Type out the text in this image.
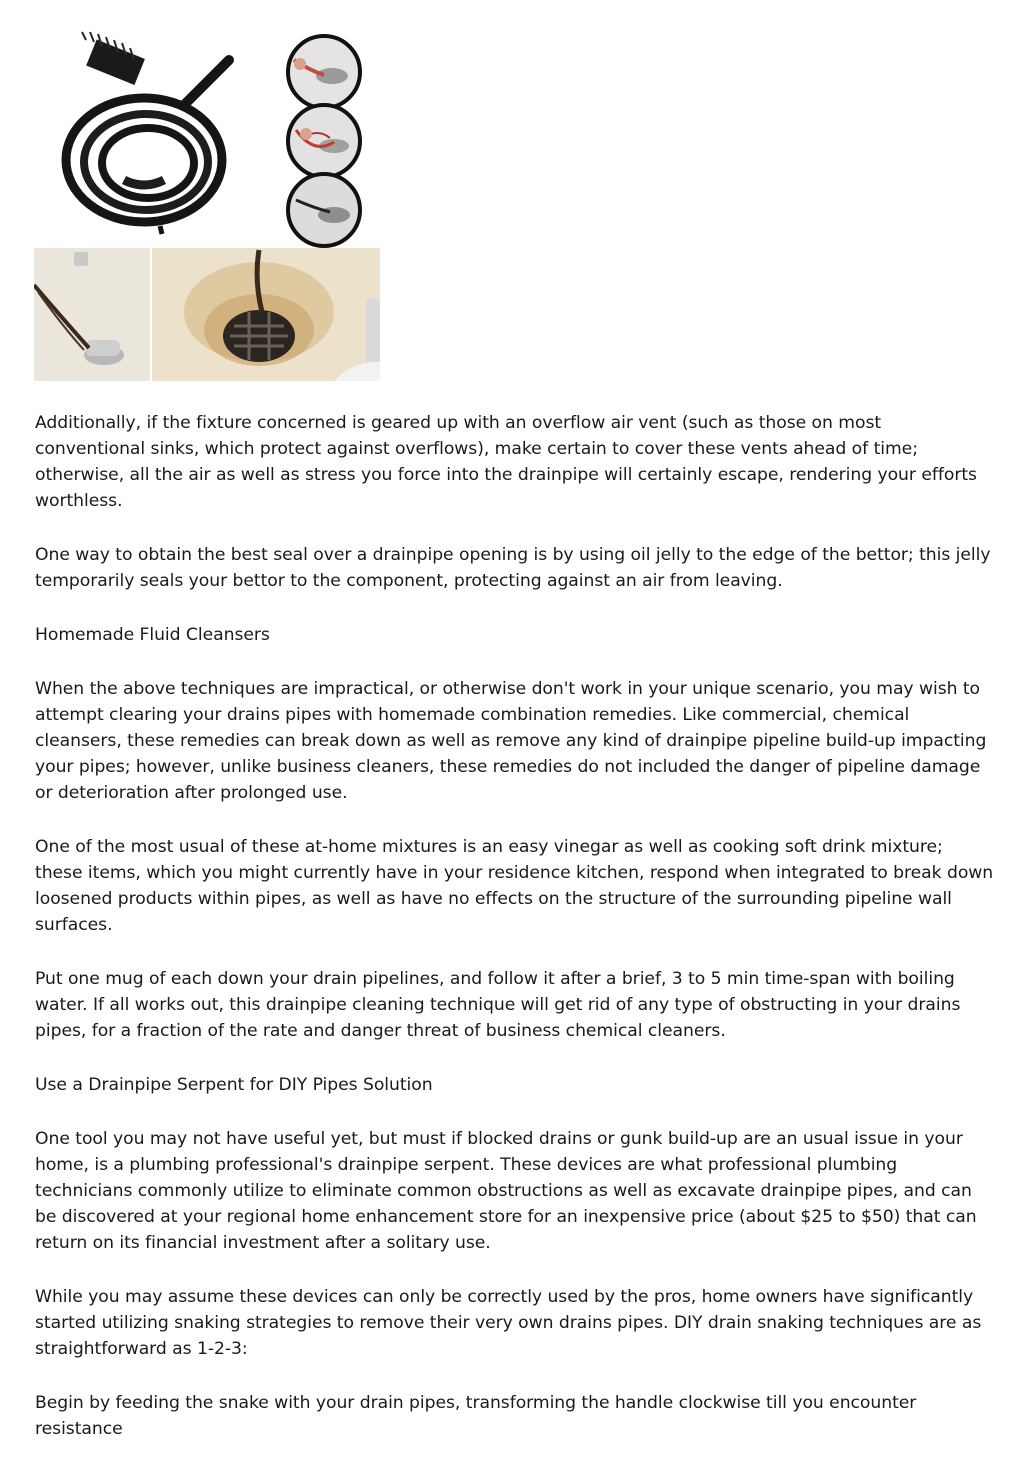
Additionally, if the fixture concerned is geared up with an overflow air vent (such as those on most conventional sinks, which protect against overflows), make certain to cover these vents ahead of time; otherwise, all the air as well as stress you force into the drainpipe will certainly escape, rendering your efforts worthless.

One way to obtain the best seal over a drainpipe opening is by using oil jelly to the edge of the bettor; this jelly temporarily seals your bettor to the component, protecting against an air from leaving.

Homemade Fluid Cleansers

When the above techniques are impractical, or otherwise don't work in your unique scenario, you may wish to attempt clearing your drains pipes with homemade combination remedies. Like commercial, chemical cleansers, these remedies can break down as well as remove any kind of drainpipe pipeline build-up impacting your pipes; however, unlike business cleaners, these remedies do not included the danger of pipeline damage or deterioration after prolonged use.

One of the most usual of these at-home mixtures is an easy vinegar as well as cooking soft drink mixture; these items, which you might currently have in your residence kitchen, respond when integrated to break down loosened products within pipes, as well as have no effects on the structure of the surrounding pipeline wall surfaces.

Put one mug of each down your drain pipelines, and follow it after a brief, 3 to 5 min time-span with boiling water. If all works out, this drainpipe cleaning technique will get rid of any type of obstructing in your drains pipes, for a fraction of the rate and danger threat of business chemical cleaners.

Use a Drainpipe Serpent for DIY Pipes Solution

One tool you may not have useful yet, but must if blocked drains or gunk build-up are an usual issue in your home, is a plumbing professional's drainpipe serpent. These devices are what professional plumbing technicians commonly utilize to eliminate common obstructions as well as excavate drainpipe pipes, and can be discovered at your regional home enhancement store for an inexpensive price (about $25 to $50) that can return on its financial investment after a solitary use.

While you may assume these devices can only be correctly used by the pros, home owners have significantly started utilizing snaking strategies to remove their very own drains pipes. DIY drain snaking techniques are as straightforward as 1-2-3:

Begin by feeding the snake with your drain pipes, transforming the handle clockwise till you encounter resistance
